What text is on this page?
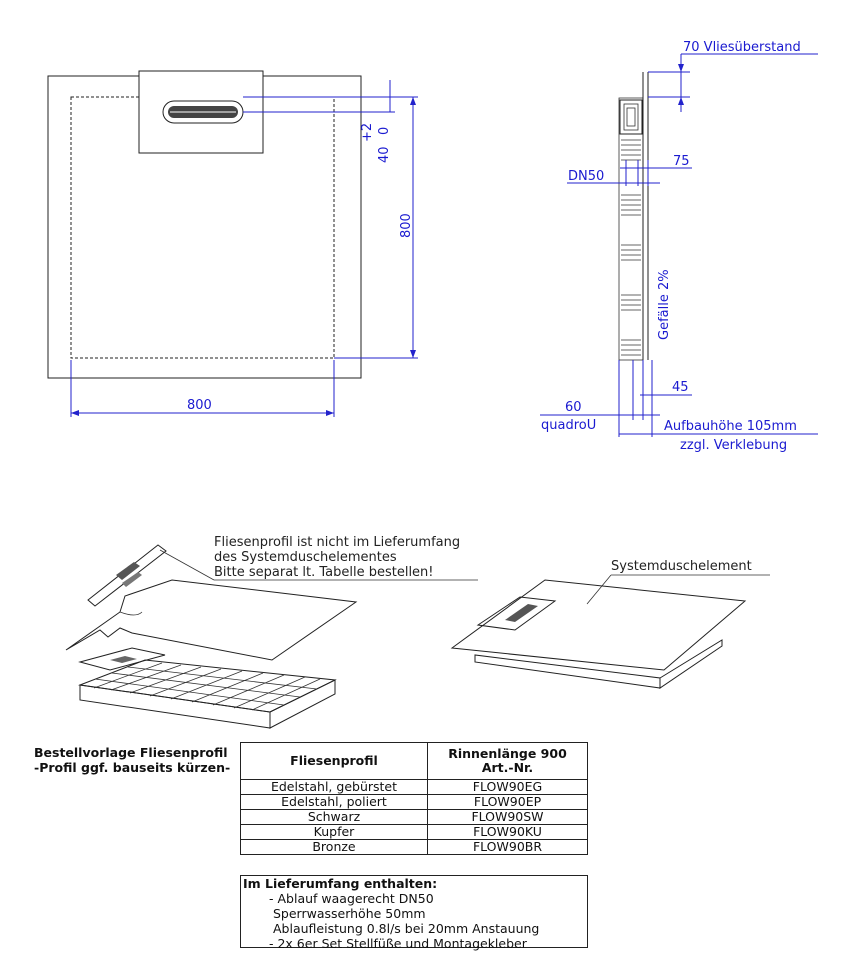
800
800
+2 0
40
70 Vliesüberstand
DN50
75
Gefälle 2%
45
60
quadroU	Aufbauhöhe 105mm
zzgl. Verklebung
Fliesenprofil ist nicht im Lieferumfang
des Systemduschelementes
Bitte separat lt. Tabelle bestellen!	Systemduschelement
Bestellvorlage Fliesenprofil
-Profil ggf. bauseits kürzen-	Fliesenprofil	Rinnenlänge 900
Art.-Nr.

Edelstahl, gebürstet	FLOW90EG
Edelstahl, poliert	FLOW90EP
Schwarz	FLOW90SW
Kupfer	FLOW90KU
Bronze	FLOW90BR
Im Lieferumfang enthalten:
- Ablauf waagerecht DN50
Sperrwasserhöhe 50mm
Ablaufleistung 0.8l/s bei 20mm Anstauung
- 2x 6er Set Stellfüße und Montagekleber
